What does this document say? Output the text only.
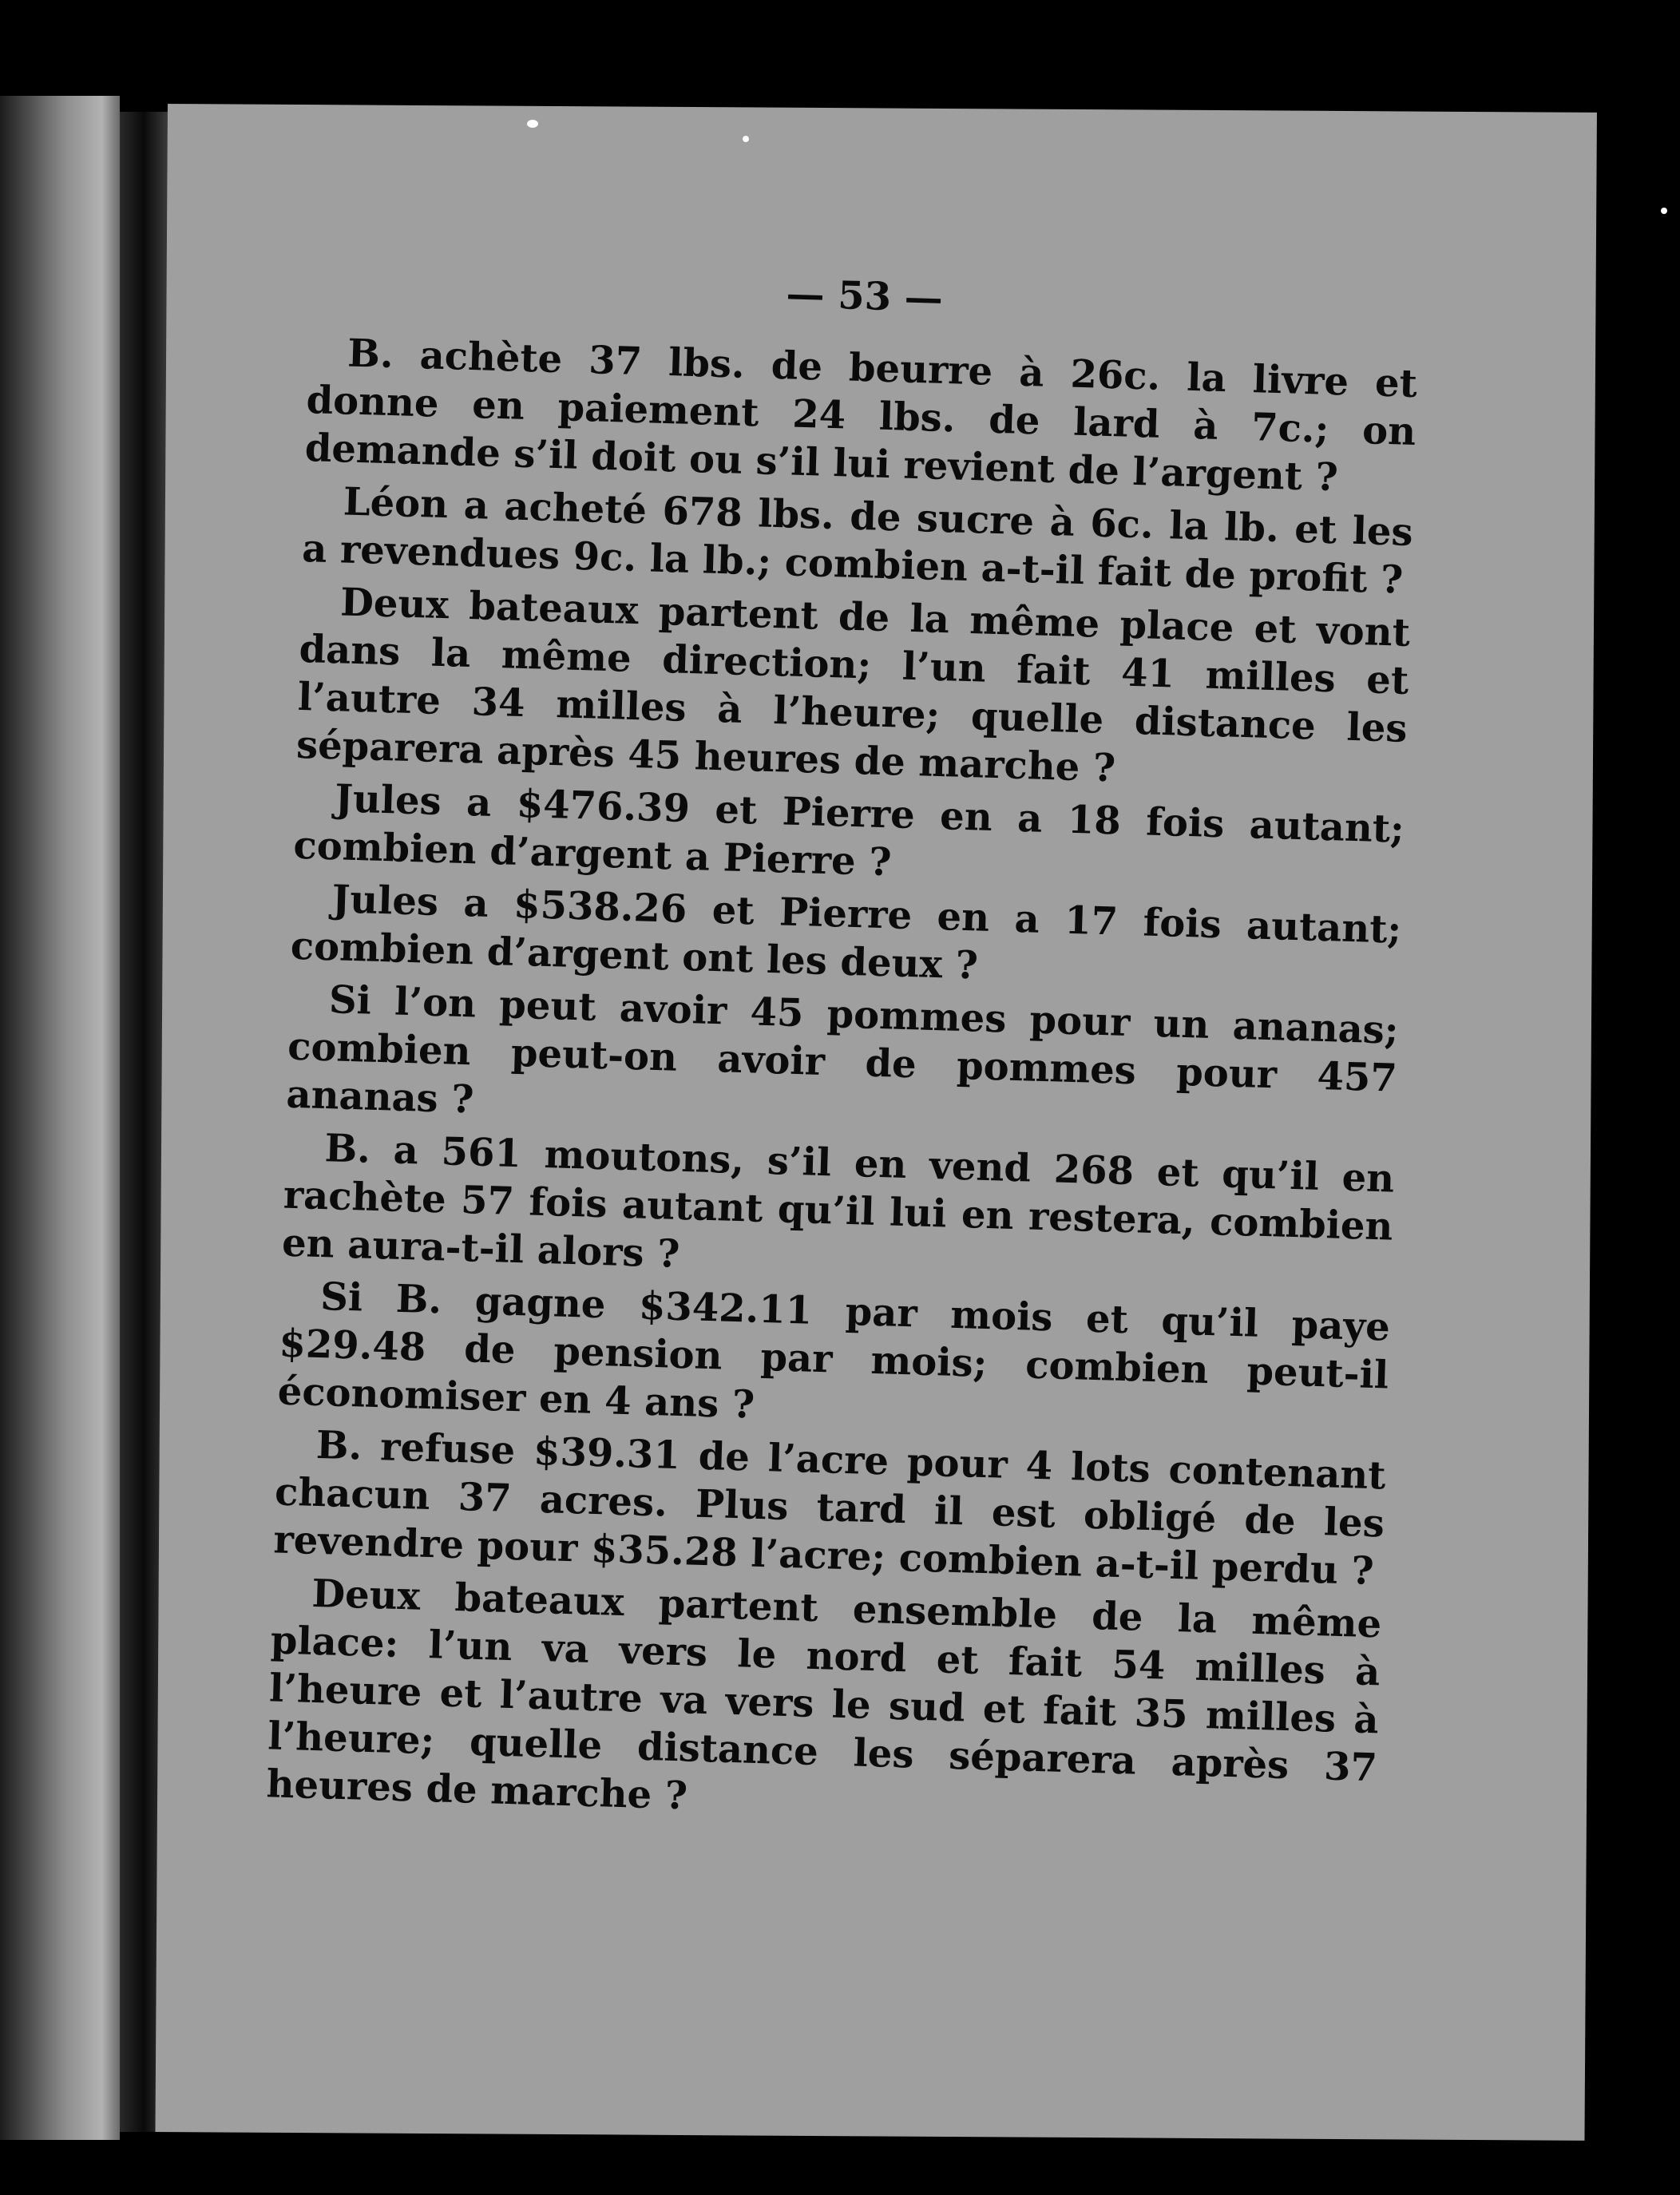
— 53 —

B. achète 37 lbs. de beurre à 26c. la livre et donne en paiement 24 lbs. de lard à 7c.; on demande s’il doit ou s’il lui revient de l’argent ?

Léon a acheté 678 lbs. de sucre à 6c. la lb. et les a revendues 9c. la lb.; combien a-t-il fait de profit ?

Deux bateaux partent de la même place et vont dans la même direction; l’un fait 41 milles et l’autre 34 milles à l’heure; quelle distance les séparera après 45 heures de marche ?

Jules a $476.39 et Pierre en a 18 fois autant; combien d’argent a Pierre ?

Jules a $538.26 et Pierre en a 17 fois autant; combien d’argent ont les deux ?

Si l’on peut avoir 45 pommes pour un ananas; combien peut-on avoir de pommes pour 457 ananas ?

B. a 561 moutons, s’il en vend 268 et qu’il en rachète 57 fois autant qu’il lui en restera, combien en aura-t-il alors ?

Si B. gagne $342.11 par mois et qu’il paye $29.48 de pension par mois; combien peut-il économiser en 4 ans ?

B. refuse $39.31 de l’acre pour 4 lots contenant chacun 37 acres. Plus tard il est obligé de les revendre pour $35.28 l’acre; combien a-t-il perdu ?

Deux bateaux partent ensemble de la même place: l’un va vers le nord et fait 54 milles à l’heure et l’autre va vers le sud et fait 35 milles à l’heure; quelle distance les séparera après 37 heures de marche ?
